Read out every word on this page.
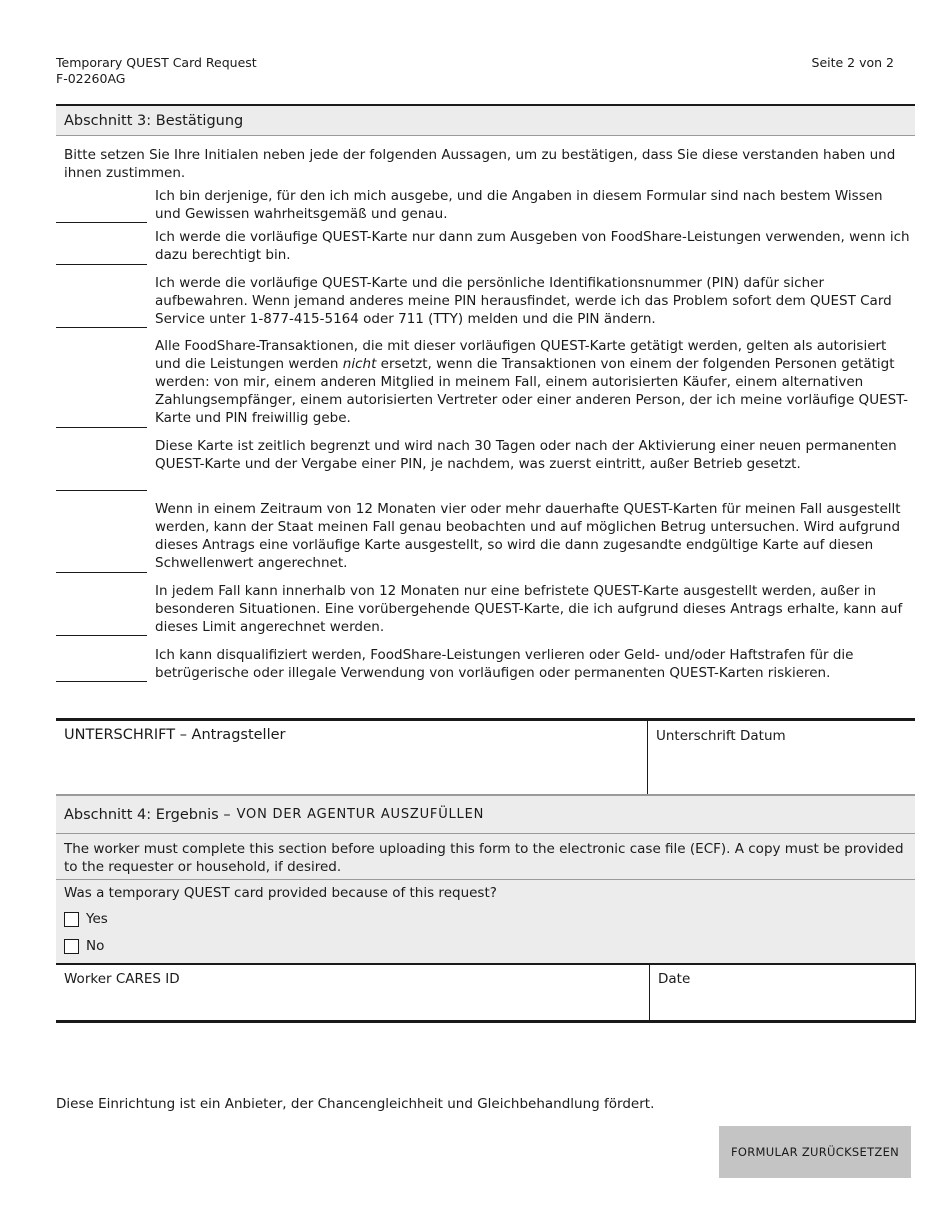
Temporary QUEST Card Request
F-02260AG
Seite 2 von 2
Abschnitt 3: Bestätigung
Bitte setzen Sie Ihre Initialen neben jede der folgenden Aussagen, um zu bestätigen, dass Sie diese verstanden haben und ihnen zustimmen.
Ich bin derjenige, für den ich mich ausgebe, und die Angaben in diesem Formular sind nach bestem Wissen und Gewissen wahrheitsgemäß und genau.
Ich werde die vorläufige QUEST-Karte nur dann zum Ausgeben von FoodShare-Leistungen verwenden, wenn ich dazu berechtigt bin.
Ich werde die vorläufige QUEST-Karte und die persönliche Identifikationsnummer (PIN) dafür sicher aufbewahren. Wenn jemand anderes meine PIN herausfindet, werde ich das Problem sofort dem QUEST Card Service unter 1-877-415-5164 oder 711 (TTY) melden und die PIN ändern.
Alle FoodShare-Transaktionen, die mit dieser vorläufigen QUEST-Karte getätigt werden, gelten als autorisiert und die Leistungen werden nicht ersetzt, wenn die Transaktionen von einem der folgenden Personen getätigt werden: von mir, einem anderen Mitglied in meinem Fall, einem autorisierten Käufer, einem alternativen Zahlungsempfänger, einem autorisierten Vertreter oder einer anderen Person, der ich meine vorläufige QUEST-Karte und PIN freiwillig gebe.
Diese Karte ist zeitlich begrenzt und wird nach 30 Tagen oder nach der Aktivierung einer neuen permanenten QUEST-Karte und der Vergabe einer PIN, je nachdem, was zuerst eintritt, außer Betrieb gesetzt.
Wenn in einem Zeitraum von 12 Monaten vier oder mehr dauerhafte QUEST-Karten für meinen Fall ausgestellt werden, kann der Staat meinen Fall genau beobachten und auf möglichen Betrug untersuchen. Wird aufgrund dieses Antrags eine vorläufige Karte ausgestellt, so wird die dann zugesandte endgültige Karte auf diesen Schwellenwert angerechnet.
In jedem Fall kann innerhalb von 12 Monaten nur eine befristete QUEST-Karte ausgestellt werden, außer in besonderen Situationen. Eine vorübergehende QUEST-Karte, die ich aufgrund dieses Antrags erhalte, kann auf dieses Limit angerechnet werden.
Ich kann disqualifiziert werden, FoodShare-Leistungen verlieren oder Geld- und/oder Haftstrafen für die betrügerische oder illegale Verwendung von vorläufigen oder permanenten QUEST-Karten riskieren.
UNTERSCHRIFT – Antragsteller	Unterschrift Datum
Abschnitt 4: Ergebnis – VON DER AGENTUR AUSZUFÜLLEN
The worker must complete this section before uploading this form to the electronic case file (ECF). A copy must be provided to the requester or household, if desired.
Was a temporary QUEST card provided because of this request?
Yes
No
Worker CARES ID	Date
Diese Einrichtung ist ein Anbieter, der Chancengleichheit und Gleichbehandlung fördert.
FORMULAR ZURÜCKSETZEN
